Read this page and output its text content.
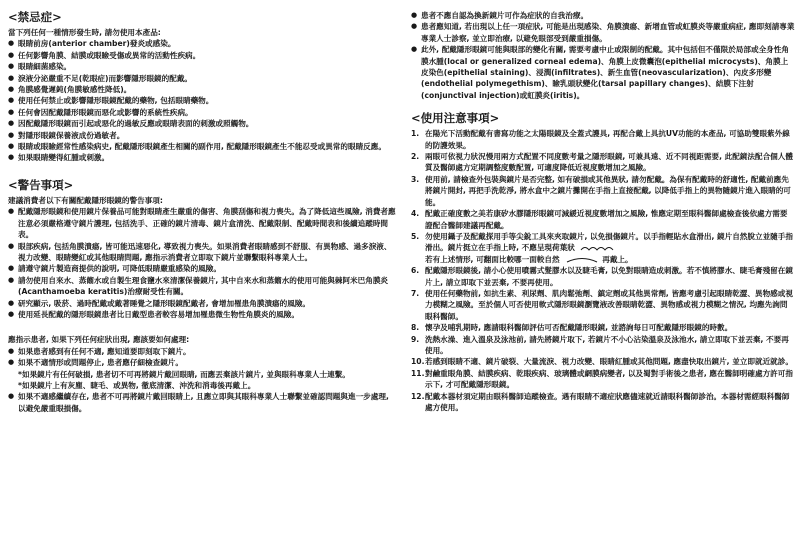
<禁忌症>

當下列任何一種情形發生時, 請勿使用本產品:

● 眼睛前房(anterior chamber)發炎或感染。
● 任何影響角膜、結膜或眼瞼受傷或異常的活動性疾病。
● 眼睛細菌感染。
● 淚液分泌嚴重不足(乾眼症)而影響隱形眼鏡的配戴。
● 角膜感覺遲鈍(角膜敏感性降低)。
● 使用任何禁止或影響隱形眼鏡配戴的藥物, 包括眼睛藥物。
● 任何會因配戴隱形眼鏡而惡化或影響的系統性疾病。
● 因配戴隱形眼鏡而引起或惡化的過敏反應或眼睛表面的刺激或照觸物。
● 對隱形眼鏡保養液成份過敏者。
● 眼睛或眼瞼經常性感染病史, 配戴隱形眼鏡產生相關的副作用, 配戴隱形眼鏡產生不能忍受或異常的眼睛反應。
● 如果眼睛變得紅腫或刺激。
<警告事項>

建議消費者以下有關配戴隱形眼鏡的警告事項:

● 配戴隱形眼鏡和使用鏡片保養品可能對眼睛產生嚴重的傷害、角膜刮傷和視力喪失。為了降低這些風險, 消費者應注意必須嚴格遵守鏡片護理, 包括洗手、正確的鏡片清毒、鏡片盒清洗、配戴限制、配戴時間表和後續追蹤時間表。
● 眼部疾病, 包括角膜潰瘍, 皆可能迅速惡化, 導致視力喪失。如果消費者眼睛感到不舒服、有異物感、過多淚液、視力改變、眼睛變紅或其他眼睛問題, 應指示消費者立即取下鏡片並聯繫眼科專業人士。
● 請遵守鏡片製造商提供的說明, 可降低眼睛嚴重感染的風險。
● 請勿使用自來水、蒸餾水或自製生理食鹽水來清潔保養鏡片, 其中自來水和蒸餾水的使用可能與棘阿米巴角膜炎(Acanthamoeba keratitis)治療耐受性有關。
● 研究顯示, 吸菸、過時配戴或戴著睡覺之隱形眼鏡配戴者, 會增加罹患角膜潰瘍的風險。
● 使用延長配戴的隱形眼鏡患者比日戴型患者較容易增加罹患微生物性角膜炎的風險。

應指示患者, 如果下列任何症狀出現, 應該要如何處理:

● 如果患者感到有任何不適, 應知道要即刻取下鏡片。
● 如果不適情形或問題停止, 患者應仔細檢查鏡片。

*如果鏡片有任何破損, 患者切不可再將鏡片戴回眼睛, 而應丟棄該片鏡片, 並與眼科專業人士連繫。

*如果鏡片上有灰塵、睫毛、或異物, 徹底清潔、沖洗和消毒後再戴上。

● 如果不適感繼續存在, 患者不可再將鏡片戴回眼睛上, 且應立即與其眼科專業人士聯繫並確認問題與進一步處理, 以避免嚴重眼損傷。
● 患者不應自認為換新鏡片可作為症狀的自我治療。
● 患者應知道, 若出現以上任一項症狀, 可能是出現感染、角膜潰瘍、新增血管或虹膜炎等嚴重病症, 應即刻請專業專業人士診察, 並立即治療, 以避免眼部受到嚴重損傷。
● 此外, 配戴隱形眼鏡可能與眼部的變化有關, 需要考慮中止或限制的配戴。其中包括但不僅限於局部或全身性角膜水腫(local or generalized corneal edema)、角膜上皮微囊泡(epithelial microcysts)、角膜上皮染色(epithelial staining)、浸潤(infiltrates)、新生血管(neovascularization)、內皮多形變(endothelial polymegethism)、瞼乳頭狀變化(tarsal papillary changes)、結膜下注射(conjunctival injection)或虹膜炎(iritis)。
<使用注意事項>
1. 在陽光下活動配戴有書寫功能之太陽眼鏡及全蓋式護具, 再配合戴上具抗UV功能的本產品, 可協助雙眼紫外線的防護效果。
2. 兩眼可依視力狀況慢用兩方式配置不同度數考量之隱形眼鏡, 可兼具遠、近不同視距需要, 此配鏡法配合個人體質及醫師處方定期調整度數配置, 可適度降低近視度數增加之風險。
3. 使用前, 請檢查外包裝與鏡片是否完整, 如有破損或其他異狀, 請勿配戴。為保有配戴時的舒適性, 配戴前應先將鏡片開封, 再把手洗乾淨, 將水盒中之鏡片攤開在手指上直接配戴, 以降低手指上的異物隨鏡片進入眼睛的可能。
4. 配戴正確度數之美若康矽水膠隱形眼鏡可減緩近視度數增加之風險, 惟應定期至眼科醫師處檢查後依處方需要證配合醫師建議再配戴。
5. 勿使用鑷子及配戴探用手等尖銳工具來夾取鏡片, 以免損傷鏡片。以手指輕貼水盒滑出, 鏡片自然脫立並隨手指滑出。鏡片挺立在手指上時, 不應呈現荷葉狀
若有上述情形, 可翻面比較哪一面較自然	再戴上。
6. 配戴隱形眼鏡後, 請小心使用噴霧式髮膠水以及睫毛膏, 以免對眼睛造成刺激。若不慎將膠水、睫毛膏殘留在鏡片上, 請立即取下並丟棄, 不要再使用。
7. 使用任何藥物前, 如抗生素、利尿劑、肌肉鬆弛劑、鎮定劑或其他異常劑, 皆應考慮引起眼睛乾澀、異物感或視力模糊之風險。至於個人可否使用軟式隱形眼鏡瀏覽液改善眼睛乾澀、異物感或視力模糊之情況, 均應先詢問眼科醫師。
8. 懷孕及哺乳期時, 應請眼科醫師評估可否配戴隱形眼鏡, 並諮詢每日可配戴隱形眼鏡的時數。
9. 洗熱水澡、進入溫泉及泳池前, 請先將鏡片取下, 若鏡片不小心沾染溫泉及泳池水, 請立即取下並丟棄, 不要再使用。
10. 若感到眼睛不適、鏡片破裂、大量流淚、視力改變、眼睛紅腫或其他問題, 應盡快取出鏡片, 並立即就近就診。
11. 對鹼重眼角膜、結膜疾病、乾眼疾病、玻璃體或網膜病變者, 以及蜀對手術後之患者, 應在醫師明確處方許可指示下, 才可配戴隱形眼鏡。
12. 配戴本器材須定期由眼科醫師追蹤檢查。遇有眼睛不適症狀應儘速就近請眼科醫師診治。本器材需經眼科醫師處方使用。
